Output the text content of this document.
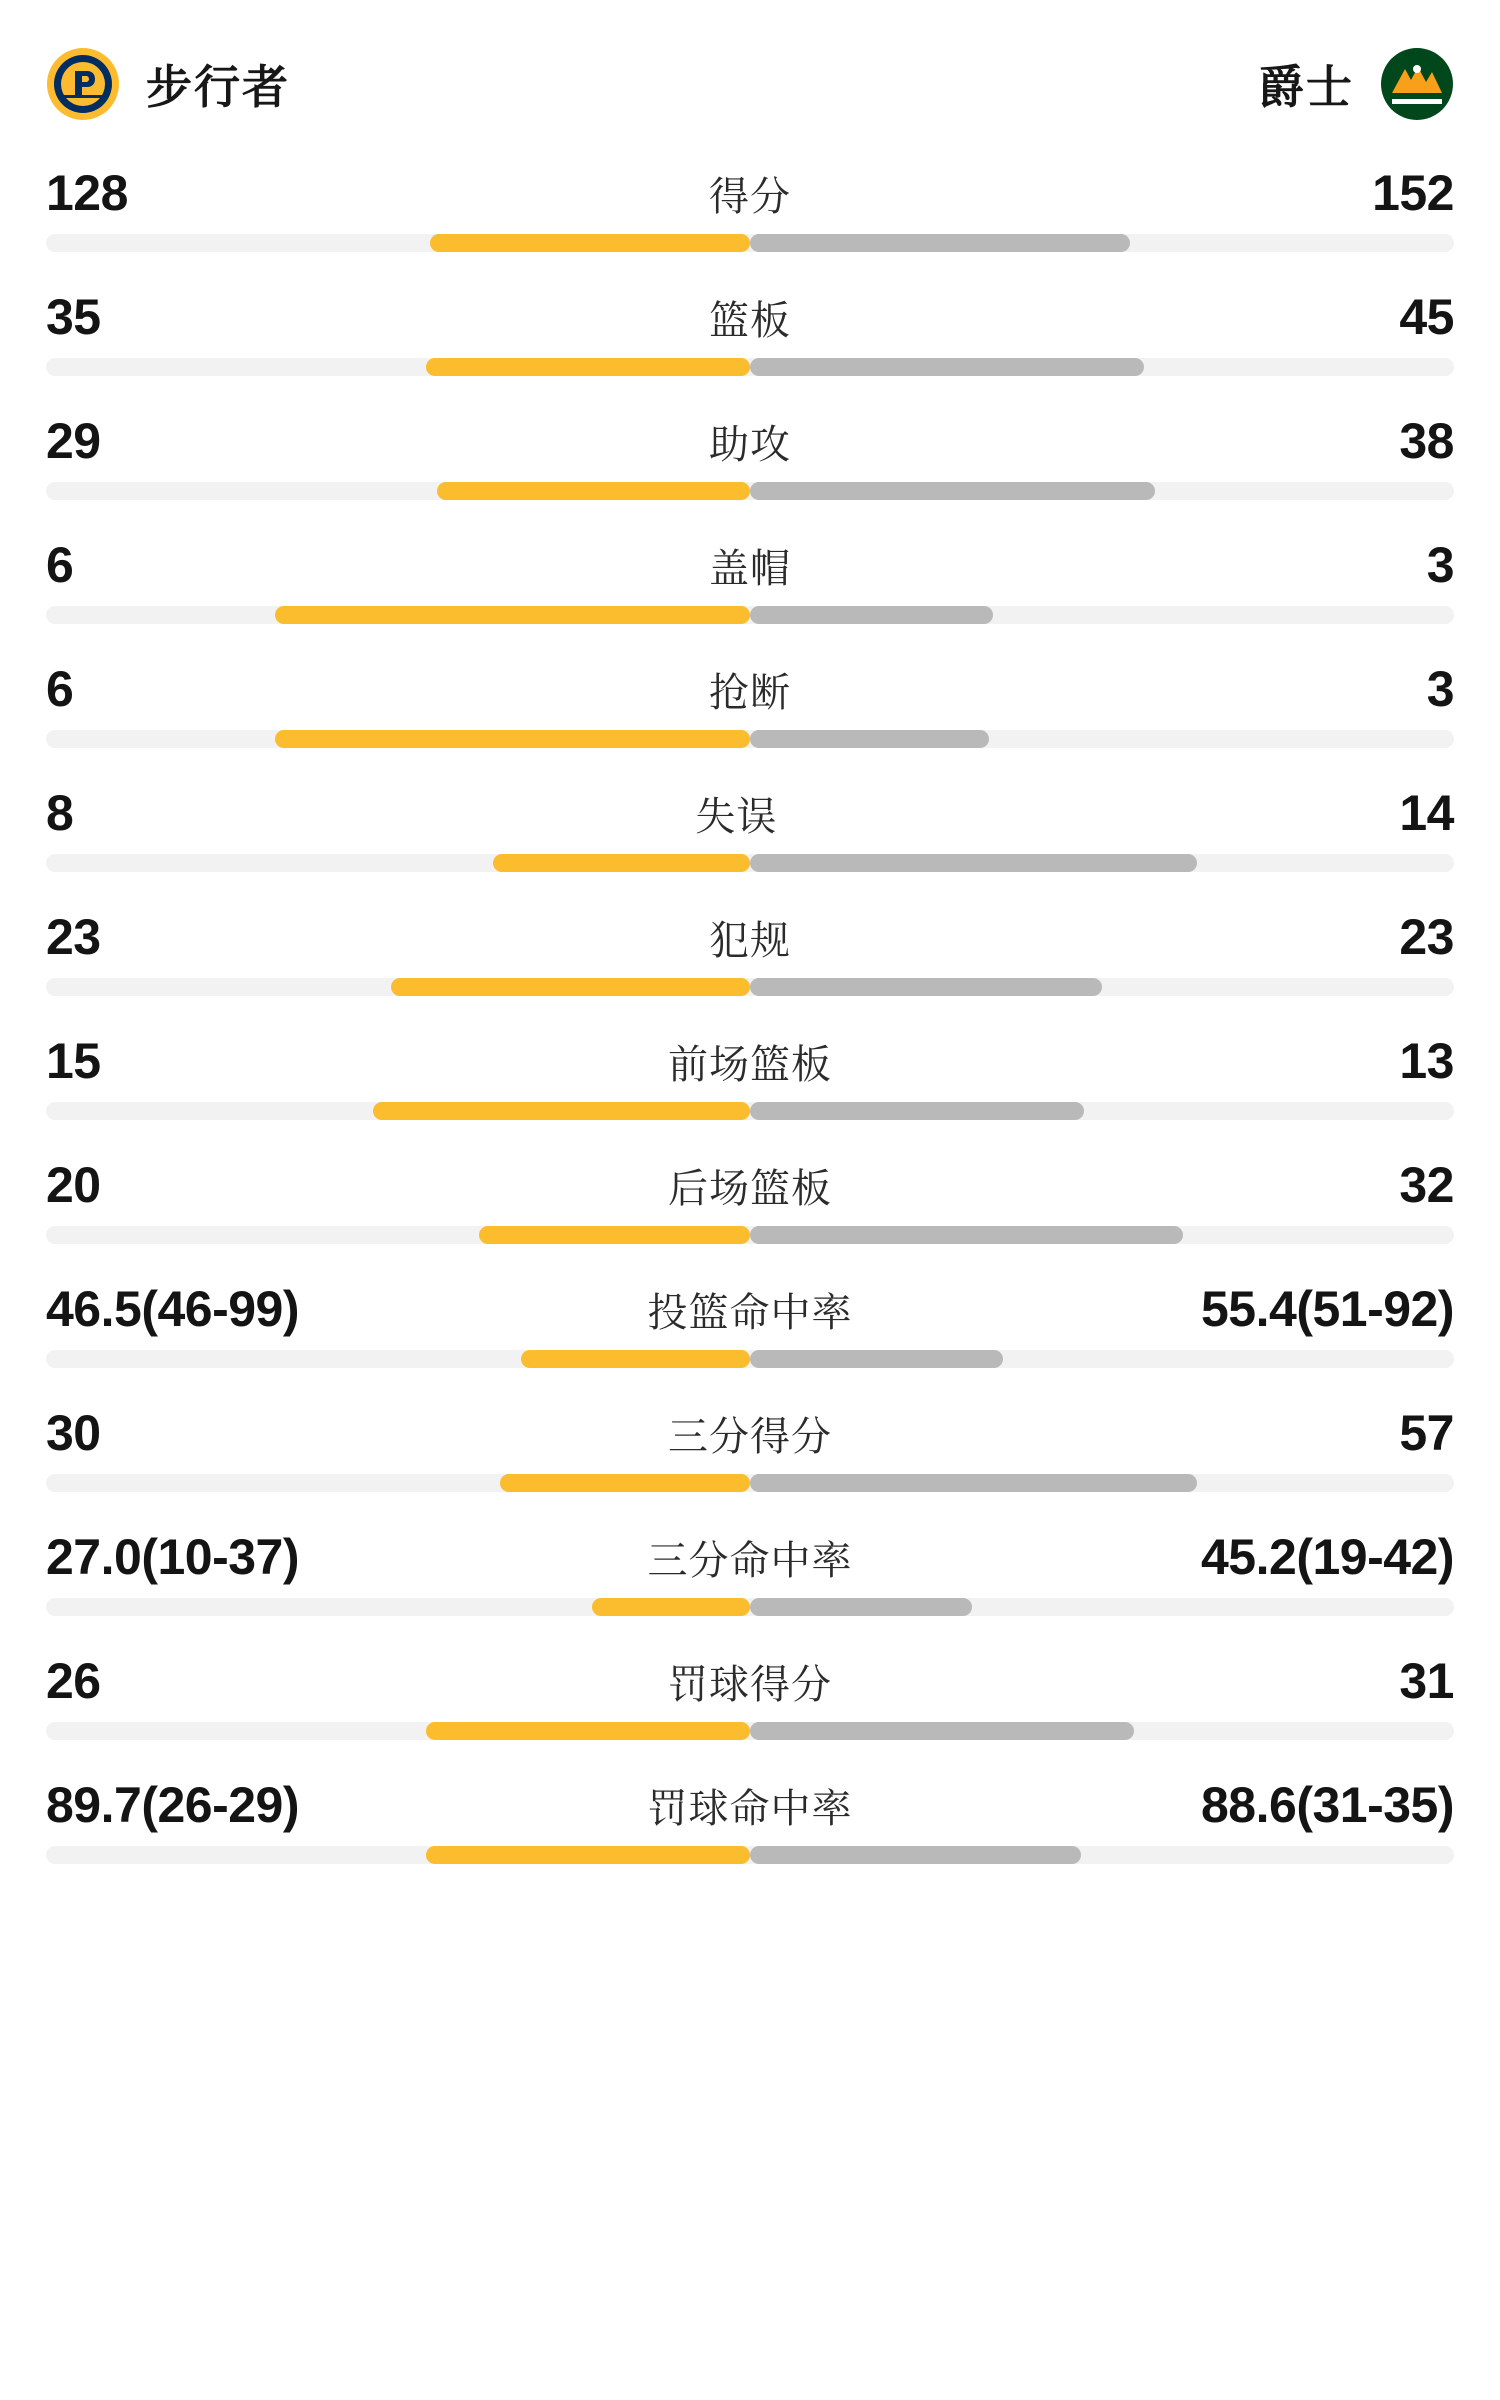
步行者	爵士
128	得分	152
35	篮板	45
29	助攻	38
6	盖帽	3
6	抢断	3
8	失误	14
23	犯规	23
15	前场篮板	13
20	后场篮板	32
46.5(46-99)	投篮命中率	55.4(51-92)
30	三分得分	57
27.0(10-37)	三分命中率	45.2(19-42)
26	罚球得分	31
89.7(26-29)	罚球命中率	88.6(31-35)
